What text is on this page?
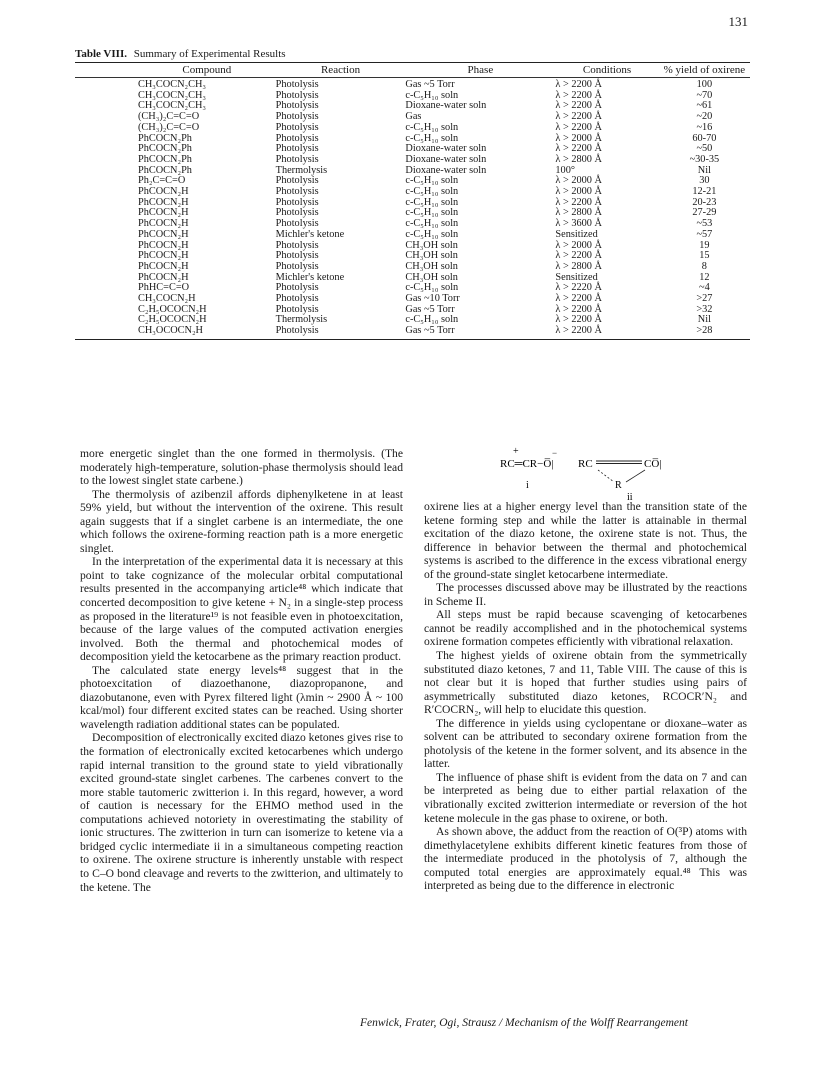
131
Table VIII. Summary of Experimental Results
Compound	Reaction	Phase	Conditions	% yield of oxirene
CH₃COCN₂CH₃	Photolysis	Gas ~5 Torr	λ > 2200 Å	100
CH₃COCN₂CH₃	Photolysis	c-C₅H₁₀ soln	λ > 2200 Å	~70
CH₃COCN₂CH₃	Photolysis	Dioxane-water soln	λ > 2200 Å	~61
(CH₃)₂C=C=O	Photolysis	Gas	λ > 2200 Å	~20
(CH₃)₂C=C=O	Photolysis	c-C₅H₁₀ soln	λ > 2200 Å	~16
PhCOCN₂Ph	Photolysis	c-C₅H₁₀ soln	λ > 2000 Å	60-70
PhCOCN₂Ph	Photolysis	Dioxane-water soln	λ > 2200 Å	~50
PhCOCN₂Ph	Photolysis	Dioxane-water soln	λ > 2800 Å	~30-35
PhCOCN₂Ph	Thermolysis	Dioxane-water soln	100°	Nil
Ph₂C=C=O	Photolysis	c-C₅H₁₀ soln	λ > 2000 Å	30
PhCOCN₂H	Photolysis	c-C₅H₁₀ soln	λ > 2000 Å	12-21
PhCOCN₂H	Photolysis	c-C₅H₁₀ soln	λ > 2200 Å	20-23
PhCOCN₂H	Photolysis	c-C₅H₁₀ soln	λ > 2800 Å	27-29
PhCOCN₂H	Photolysis	c-C₅H₁₀ soln	λ > 3600 Å	~53
PhCOCN₂H	Michler's ketone	c-C₅H₁₀ soln	Sensitized	~57
PhCOCN₂H	Photolysis	CH₃OH soln	λ > 2000 Å	19
PhCOCN₂H	Photolysis	CH₃OH soln	λ > 2200 Å	15
PhCOCN₂H	Photolysis	CH₃OH soln	λ > 2800 Å	8
PhCOCN₂H	Michler's ketone	CH₃OH soln	Sensitized	12
PhHC=C=O	Photolysis	c-C₅H₁₀ soln	λ > 2220 Å	~4
CH₃COCN₂H	Photolysis	Gas ~10 Torr	λ > 2200 Å	>27
C₂H₅OCOCN₂H	Photolysis	Gas ~5 Torr	λ > 2200 Å	>32
C₂H₅OCOCN₂H	Thermolysis	c-C₅H₁₀ soln	λ > 2200 Å	Nil
CH₃OCOCN₂H	Photolysis	Gas ~5 Torr	λ > 2200 Å	>28
+
RC═CR−O̅|
−
i
RC	CO̅|
R
ii

more energetic singlet than the one formed in thermolysis. (The moderately high-temperature, solution-phase thermolysis should lead to the lowest singlet state carbene.)

The thermolysis of azibenzil affords diphenylketene in at least 59% yield, but without the intervention of the oxirene. This result again suggests that if a singlet carbene is an intermediate, the one which follows the oxirene-forming reaction path is a more energetic singlet.

In the interpretation of the experimental data it is necessary at this point to take cognizance of the molecular orbital computational results presented in the accompanying article⁴⁸ which indicate that concerted decomposition to give ketene + N₂ in a single-step process as proposed in the literature¹⁹ is not feasible even in photoexcitation, because of the large values of the computed activation energies involved. Both the thermal and photochemical modes of decomposition yield the ketocarbene as the primary reaction product.

The calculated state energy levels⁴⁸ suggest that in the photoexcitation of diazoethanone, diazopropanone, and diazobutanone, even with Pyrex filtered light (λmin ~ 2900 Å ~ 100 kcal/mol) four different excited states can be reached. Using shorter wavelength radiation additional states can be populated.

Decomposition of electronically excited diazo ketones gives rise to the formation of electronically excited ketocarbenes which undergo rapid internal transition to the ground state to yield vibrationally excited ground-state singlet carbenes. The carbenes convert to the more stable tautomeric zwitterion i. In this regard, however, a word of caution is necessary for the EHMO method used in the computations achieved notoriety in overestimating the stability of ionic structures. The zwitterion in turn can isomerize to ketene via a bridged cyclic intermediate ii in a simultaneous competing reaction to oxirene. The oxirene structure is inherently unstable with respect to C–O bond cleavage and reverts to the zwitterion, and ultimately to the ketene. The

oxirene lies at a higher energy level than the transition state of the ketene forming step and while the latter is attainable in thermal excitation of the diazo ketone, the oxirene state is not. Thus, the difference in behavior between the thermal and photochemical systems is ascribed to the difference in the excess vibrational energy of the ground-state singlet ketocarbene intermediate.

The processes discussed above may be illustrated by the reactions in Scheme II.

All steps must be rapid because scavenging of ketocarbenes cannot be readily accomplished and in the photochemical systems oxirene formation competes efficiently with vibrational relaxation.

The highest yields of oxirene obtain from the symmetrically substituted diazo ketones, 7 and 11, Table VIII. The cause of this is not clear but it is hoped that further studies using pairs of asymmetrically substituted diazo ketones, RCOCR′N₂ and R′COCRN₂, will help to elucidate this question.

The difference in yields using cyclopentane or dioxane–water as solvent can be attributed to secondary oxirene formation from the photolysis of the ketene in the former solvent, and its absence in the latter.

The influence of phase shift is evident from the data on 7 and can be interpreted as being due to either partial relaxation of the vibrationally excited zwitterion intermediate or reversion of the hot ketene molecule in the gas phase to oxirene, or both.

As shown above, the adduct from the reaction of O(³P) atoms with dimethylacetylene exhibits different kinetic features from those of the intermediate produced in the photolysis of 7, although the computed total energies are approximately equal.⁴⁸ This was interpreted as being due to the difference in electronic

Fenwick, Frater, Ogi, Strausz / Mechanism of the Wolff Rearrangement
